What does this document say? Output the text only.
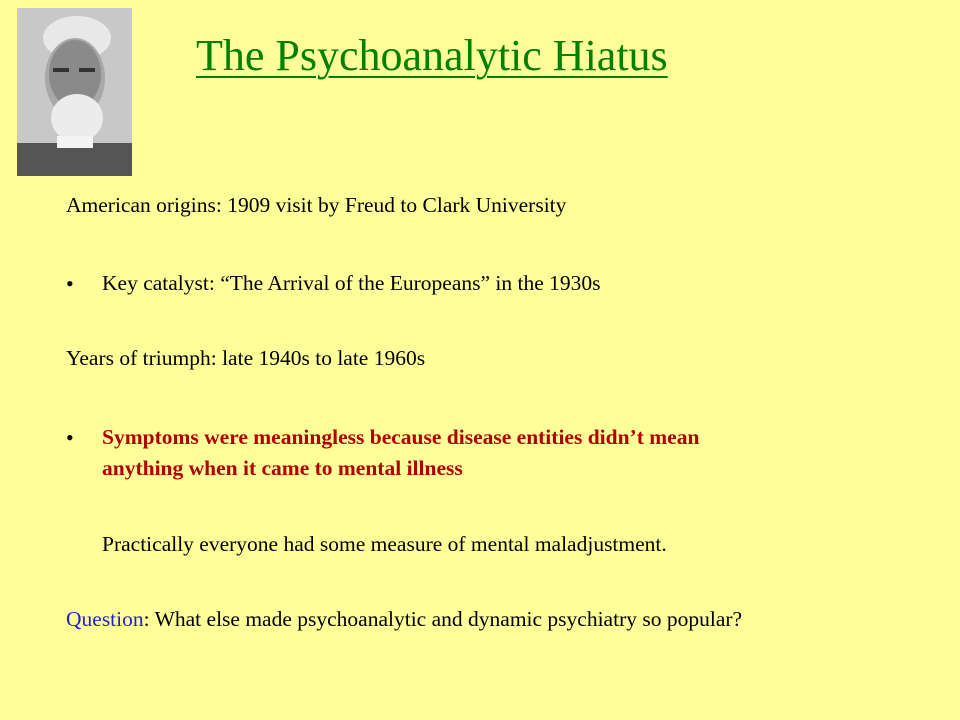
The Psychoanalytic Hiatus
American origins: 1909 visit by Freud to Clark University
• Key catalyst: “The Arrival of the Europeans” in the 1930s
Years of triumph: late 1940s to late 1960s
• Symptoms were meaningless because disease entities didn’t mean
anything when it came to mental illness
Practically everyone had some measure of mental maladjustment.
Question: What else made psychoanalytic and dynamic psychiatry so popular?
